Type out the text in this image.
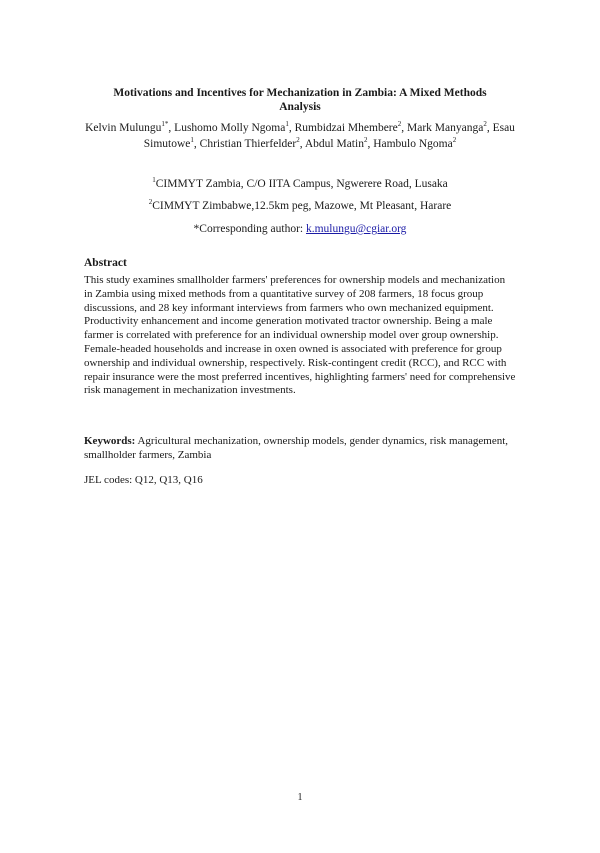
Motivations and Incentives for Mechanization in Zambia: A Mixed Methods
Analysis
Kelvin Mulungu$^{1*}$, Lushomo Molly Ngoma$^1$, Rumbidzai Mhembere$^2$, Mark Manyanga$^2$, Esau Simutowe$^1$, Christian Thierfelder$^2$, Abdul Matin$^2$, Hambulo Ngoma$^2$
$^1$CIMMYT Zambia, C/O IITA Campus, Ngwerere Road, Lusaka
$^2$CIMMYT Zimbabwe,12.5km peg, Mazowe, Mt Pleasant, Harare
*Corresponding author: k.mulungu@cgiar.org
Abstract
This study examines smallholder farmers' preferences for ownership models and mechanization in Zambia using mixed methods from a quantitative survey of 208 farmers, 18 focus group discussions, and 28 key informant interviews from farmers who own mechanized equipment. Productivity enhancement and income generation motivated tractor ownership. Being a male farmer is correlated with preference for an individual ownership model over group ownership. Female-headed households and increase in oxen owned is associated with preference for group ownership and individual ownership, respectively. Risk-contingent credit (RCC), and RCC with repair insurance were the most preferred incentives, highlighting farmers' need for comprehensive risk management in mechanization investments.
Keywords: Agricultural mechanization, ownership models, gender dynamics, risk management, smallholder farmers, Zambia
JEL codes: Q12, Q13, Q16
1
